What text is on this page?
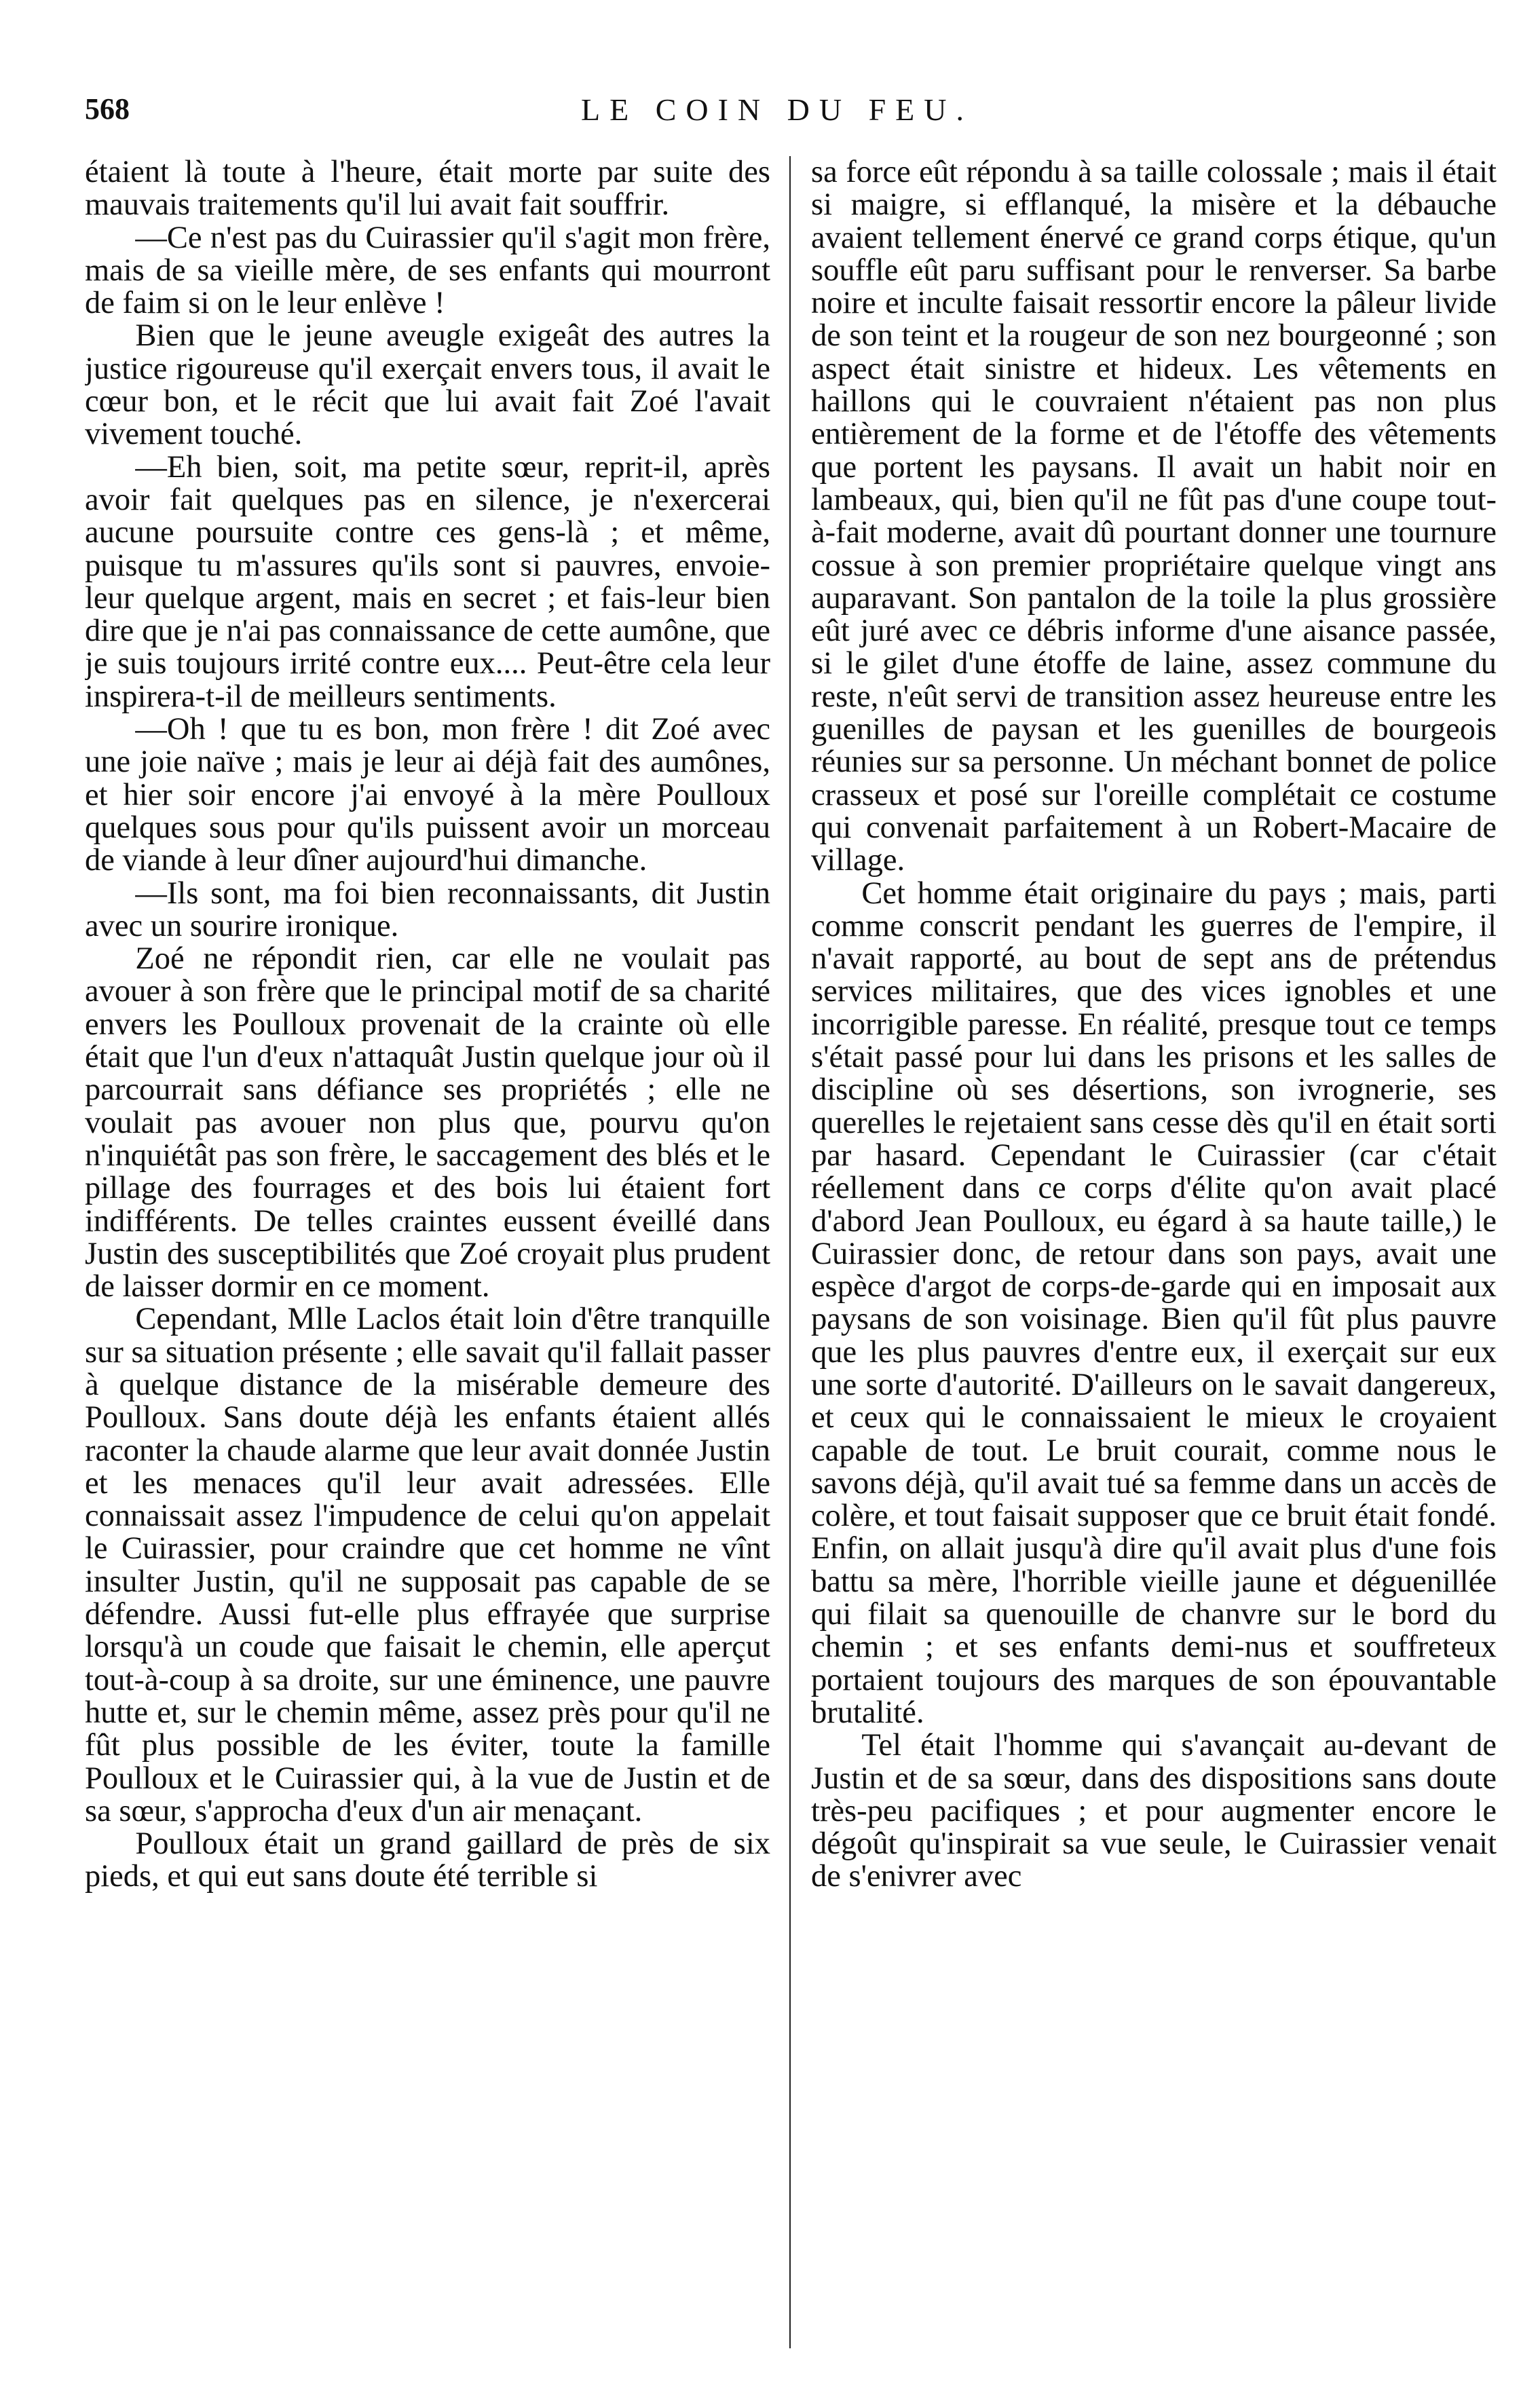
568	LE COIN DU FEU.

étaient là toute à l'heure, était morte par suite des mauvais traitements qu'il lui avait fait souffrir.

—Ce n'est pas du Cuirassier qu'il s'agit mon frère, mais de sa vieille mère, de ses enfants qui mourront de faim si on le leur enlève !

Bien que le jeune aveugle exigeât des autres la justice rigoureuse qu'il exerçait envers tous, il avait le cœur bon, et le récit que lui avait fait Zoé l'avait vivement touché.

—Eh bien, soit, ma petite sœur, reprit-il, après avoir fait quelques pas en silence, je n'exercerai aucune poursuite contre ces gens-là ; et même, puisque tu m'assures qu'ils sont si pauvres, envoie-leur quelque argent, mais en secret ; et fais-leur bien dire que je n'ai pas connaissance de cette aumône, que je suis toujours irrité contre eux.... Peut-être cela leur inspirera-t-il de meilleurs sentiments.

—Oh ! que tu es bon, mon frère ! dit Zoé avec une joie naïve ; mais je leur ai déjà fait des aumônes, et hier soir encore j'ai envoyé à la mère Poulloux quelques sous pour qu'ils puissent avoir un morceau de viande à leur dîner aujourd'hui dimanche.

—Ils sont, ma foi bien reconnaissants, dit Justin avec un sourire ironique.

Zoé ne répondit rien, car elle ne voulait pas avouer à son frère que le principal motif de sa charité envers les Poulloux provenait de la crainte où elle était que l'un d'eux n'attaquât Justin quelque jour où il parcourrait sans défiance ses propriétés ; elle ne voulait pas avouer non plus que, pourvu qu'on n'inquiétât pas son frère, le saccagement des blés et le pillage des fourrages et des bois lui étaient fort indifférents. De telles craintes eussent éveillé dans Justin des susceptibilités que Zoé croyait plus prudent de laisser dormir en ce moment.

Cependant, Mlle Laclos était loin d'être tranquille sur sa situation présente ; elle savait qu'il fallait passer à quelque distance de la misérable demeure des Poulloux. Sans doute déjà les enfants étaient allés raconter la chaude alarme que leur avait donnée Justin et les menaces qu'il leur avait adressées. Elle connaissait assez l'impudence de celui qu'on appelait le Cuirassier, pour craindre que cet homme ne vînt insulter Justin, qu'il ne supposait pas capable de se défendre. Aussi fut-elle plus effrayée que surprise lorsqu'à un coude que faisait le chemin, elle aperçut tout-à-coup à sa droite, sur une éminence, une pauvre hutte et, sur le chemin même, assez près pour qu'il ne fût plus possible de les éviter, toute la famille Poulloux et le Cuirassier qui, à la vue de Justin et de sa sœur, s'approcha d'eux d'un air menaçant.

Poulloux était un grand gaillard de près de six pieds, et qui eut sans doute été terrible si

sa force eût répondu à sa taille colossale ; mais il était si maigre, si efflanqué, la misère et la débauche avaient tellement énervé ce grand corps étique, qu'un souffle eût paru suffisant pour le renverser. Sa barbe noire et inculte faisait ressortir encore la pâleur livide de son teint et la rougeur de son nez bourgeonné ; son aspect était sinistre et hideux. Les vêtements en haillons qui le couvraient n'étaient pas non plus entièrement de la forme et de l'étoffe des vêtements que portent les paysans. Il avait un habit noir en lambeaux, qui, bien qu'il ne fût pas d'une coupe tout-à-fait moderne, avait dû pourtant donner une tournure cossue à son premier propriétaire quelque vingt ans auparavant. Son pantalon de la toile la plus grossière eût juré avec ce débris informe d'une aisance passée, si le gilet d'une étoffe de laine, assez commune du reste, n'eût servi de transition assez heureuse entre les guenilles de paysan et les guenilles de bourgeois réunies sur sa personne. Un méchant bonnet de police crasseux et posé sur l'oreille complétait ce costume qui convenait parfaitement à un Robert-Macaire de village.

Cet homme était originaire du pays ; mais, parti comme conscrit pendant les guerres de l'empire, il n'avait rapporté, au bout de sept ans de prétendus services militaires, que des vices ignobles et une incorrigible paresse. En réalité, presque tout ce temps s'était passé pour lui dans les prisons et les salles de discipline où ses désertions, son ivrognerie, ses querelles le rejetaient sans cesse dès qu'il en était sorti par hasard. Cependant le Cuirassier (car c'était réellement dans ce corps d'élite qu'on avait placé d'abord Jean Poulloux, eu égard à sa haute taille,) le Cuirassier donc, de retour dans son pays, avait une espèce d'argot de corps-de-garde qui en imposait aux paysans de son voisinage. Bien qu'il fût plus pauvre que les plus pauvres d'entre eux, il exerçait sur eux une sorte d'autorité. D'ailleurs on le savait dangereux, et ceux qui le connaissaient le mieux le croyaient capable de tout. Le bruit courait, comme nous le savons déjà, qu'il avait tué sa femme dans un accès de colère, et tout faisait supposer que ce bruit était fondé. Enfin, on allait jusqu'à dire qu'il avait plus d'une fois battu sa mère, l'horrible vieille jaune et déguenillée qui filait sa quenouille de chanvre sur le bord du chemin ; et ses enfants demi-nus et souffreteux portaient toujours des marques de son épouvantable brutalité.

Tel était l'homme qui s'avançait au-devant de Justin et de sa sœur, dans des dispositions sans doute très-peu pacifiques ; et pour augmenter encore le dégoût qu'inspirait sa vue seule, le Cuirassier venait de s'enivrer avec
